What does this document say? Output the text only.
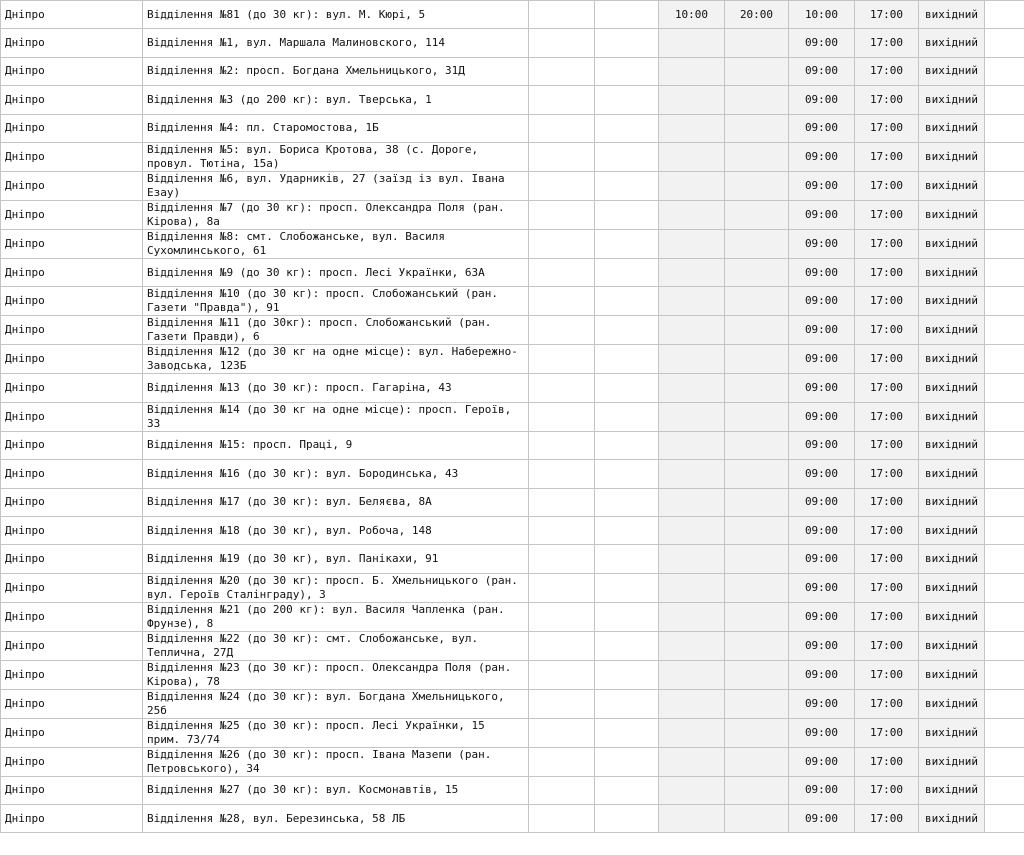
Дніпро	Відділення №81 (до 30 кг): вул. М. Кюрі, 5			10:00	20:00	10:00	17:00	вихідний	
Дніпро	Відділення №1, вул. Маршала Малиновского, 114					09:00	17:00	вихідний	
Дніпро	Відділення №2: просп. Богдана Хмельницького, 31Д					09:00	17:00	вихідний	
Дніпро	Відділення №3 (до 200 кг): вул. Тверська, 1					09:00	17:00	вихідний	
Дніпро	Відділення №4: пл. Старомостова, 1Б					09:00	17:00	вихідний	
Дніпро	Відділення №5: вул. Бориса Кротова, 38 (с. Дороге, провул. Тютіна, 15а)					09:00	17:00	вихідний	
Дніпро	Відділення №6, вул. Ударників, 27 (заїзд із вул. Івана Езау)					09:00	17:00	вихідний	
Дніпро	Відділення №7 (до 30 кг): просп. Олександра Поля (ран. Кірова), 8а					09:00	17:00	вихідний	
Дніпро	Відділення №8: смт. Слобожанське, вул. Василя Сухомлинського, 61					09:00	17:00	вихідний	
Дніпро	Відділення №9 (до 30 кг): просп. Лесі Українки, 63А					09:00	17:00	вихідний	
Дніпро	Відділення №10 (до 30 кг): просп. Слобожанський (ран. Газети "Правда"), 91					09:00	17:00	вихідний	
Дніпро	Відділення №11 (до 30кг): просп. Слобожанський (ран. Газети Правди), 6					09:00	17:00	вихідний	
Дніпро	Відділення №12 (до 30 кг на одне місце): вул. Набережно-Заводська, 123Б					09:00	17:00	вихідний	
Дніпро	Відділення №13 (до 30 кг): просп. Гагаріна, 43					09:00	17:00	вихідний	
Дніпро	Відділення №14 (до 30 кг на одне місце): просп. Героїв, 33					09:00	17:00	вихідний	
Дніпро	Відділення №15: просп. Праці, 9					09:00	17:00	вихідний	
Дніпро	Відділення №16 (до 30 кг): вул. Бородинська, 43					09:00	17:00	вихідний	
Дніпро	Відділення №17 (до 30 кг): вул. Беляєва, 8А					09:00	17:00	вихідний	
Дніпро	Відділення №18 (до 30 кг), вул. Робоча, 148					09:00	17:00	вихідний	
Дніпро	Відділення №19 (до 30 кг), вул. Панікахи, 91					09:00	17:00	вихідний	
Дніпро	Відділення №20 (до 30 кг): просп. Б. Хмельницького (ран. вул. Героїв Сталінграду), 3					09:00	17:00	вихідний	
Дніпро	Відділення №21 (до 200 кг): вул. Василя Чапленка (ран. Фрунзе), 8					09:00	17:00	вихідний	
Дніпро	Відділення №22 (до 30 кг): смт. Слобожанське, вул. Теплична, 27Д					09:00	17:00	вихідний	
Дніпро	Відділення №23 (до 30 кг): просп. Олександра Поля (ран. Кірова), 78					09:00	17:00	вихідний	
Дніпро	Відділення №24 (до 30 кг): вул. Богдана Хмельницького, 25б					09:00	17:00	вихідний	
Дніпро	Відділення №25 (до 30 кг): просп. Лесі Українки, 15 прим. 73/74					09:00	17:00	вихідний	
Дніпро	Відділення №26 (до 30 кг): просп. Івана Мазепи (ран. Петровського), 34					09:00	17:00	вихідний	
Дніпро	Відділення №27 (до 30 кг): вул. Космонавтів, 15					09:00	17:00	вихідний	
Дніпро	Відділення №28, вул. Березинська, 58 ЛБ					09:00	17:00	вихідний	
